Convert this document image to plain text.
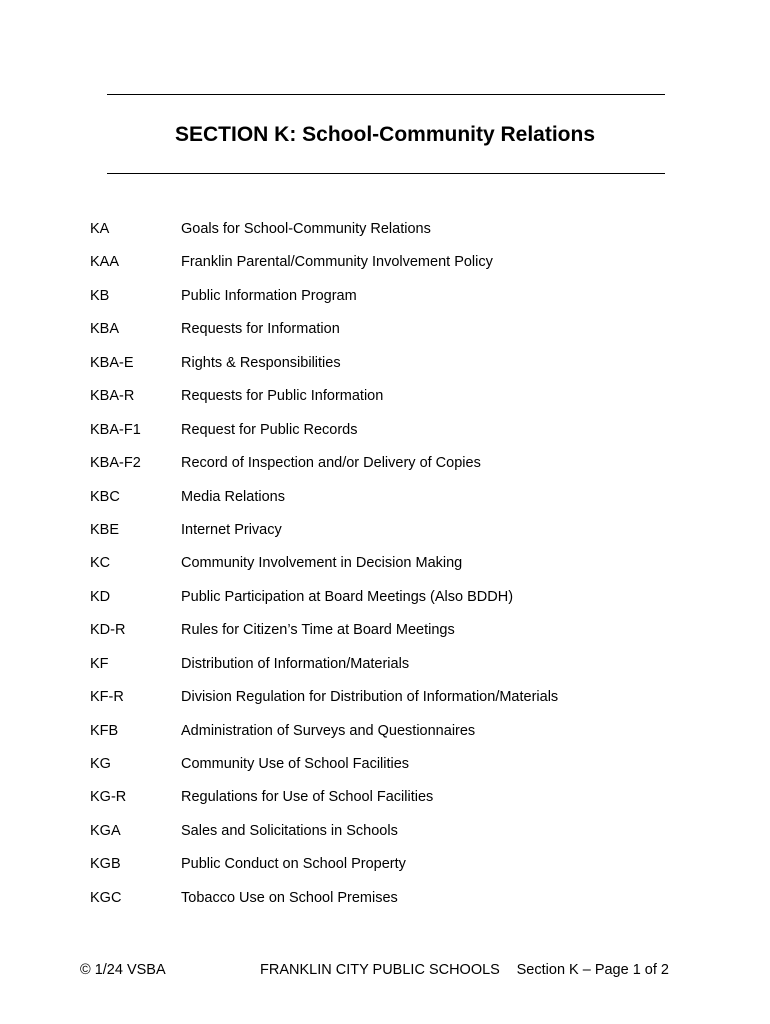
SECTION K: School-Community Relations
KA	Goals for School-Community Relations
KAA	Franklin Parental/Community Involvement Policy
KB	Public Information Program
KBA	Requests for Information
KBA-E	Rights & Responsibilities
KBA-R	Requests for Public Information
KBA-F1	Request for Public Records
KBA-F2	Record of Inspection and/or Delivery of Copies
KBC	Media Relations
KBE	Internet Privacy
KC	Community Involvement in Decision Making
KD	Public Participation at Board Meetings (Also BDDH)
KD-R	Rules for Citizen’s Time at Board Meetings
KF	Distribution of Information/Materials
KF-R	Division Regulation for Distribution of Information/Materials
KFB	Administration of Surveys and Questionnaires
KG	Community Use of School Facilities
KG-R	Regulations for Use of School Facilities
KGA	Sales and Solicitations in Schools
KGB	Public Conduct on School Property
KGC	Tobacco Use on School Premises
© 1/24 VSBA	FRANKLIN CITY PUBLIC SCHOOLS Section K – Page 1 of 2
